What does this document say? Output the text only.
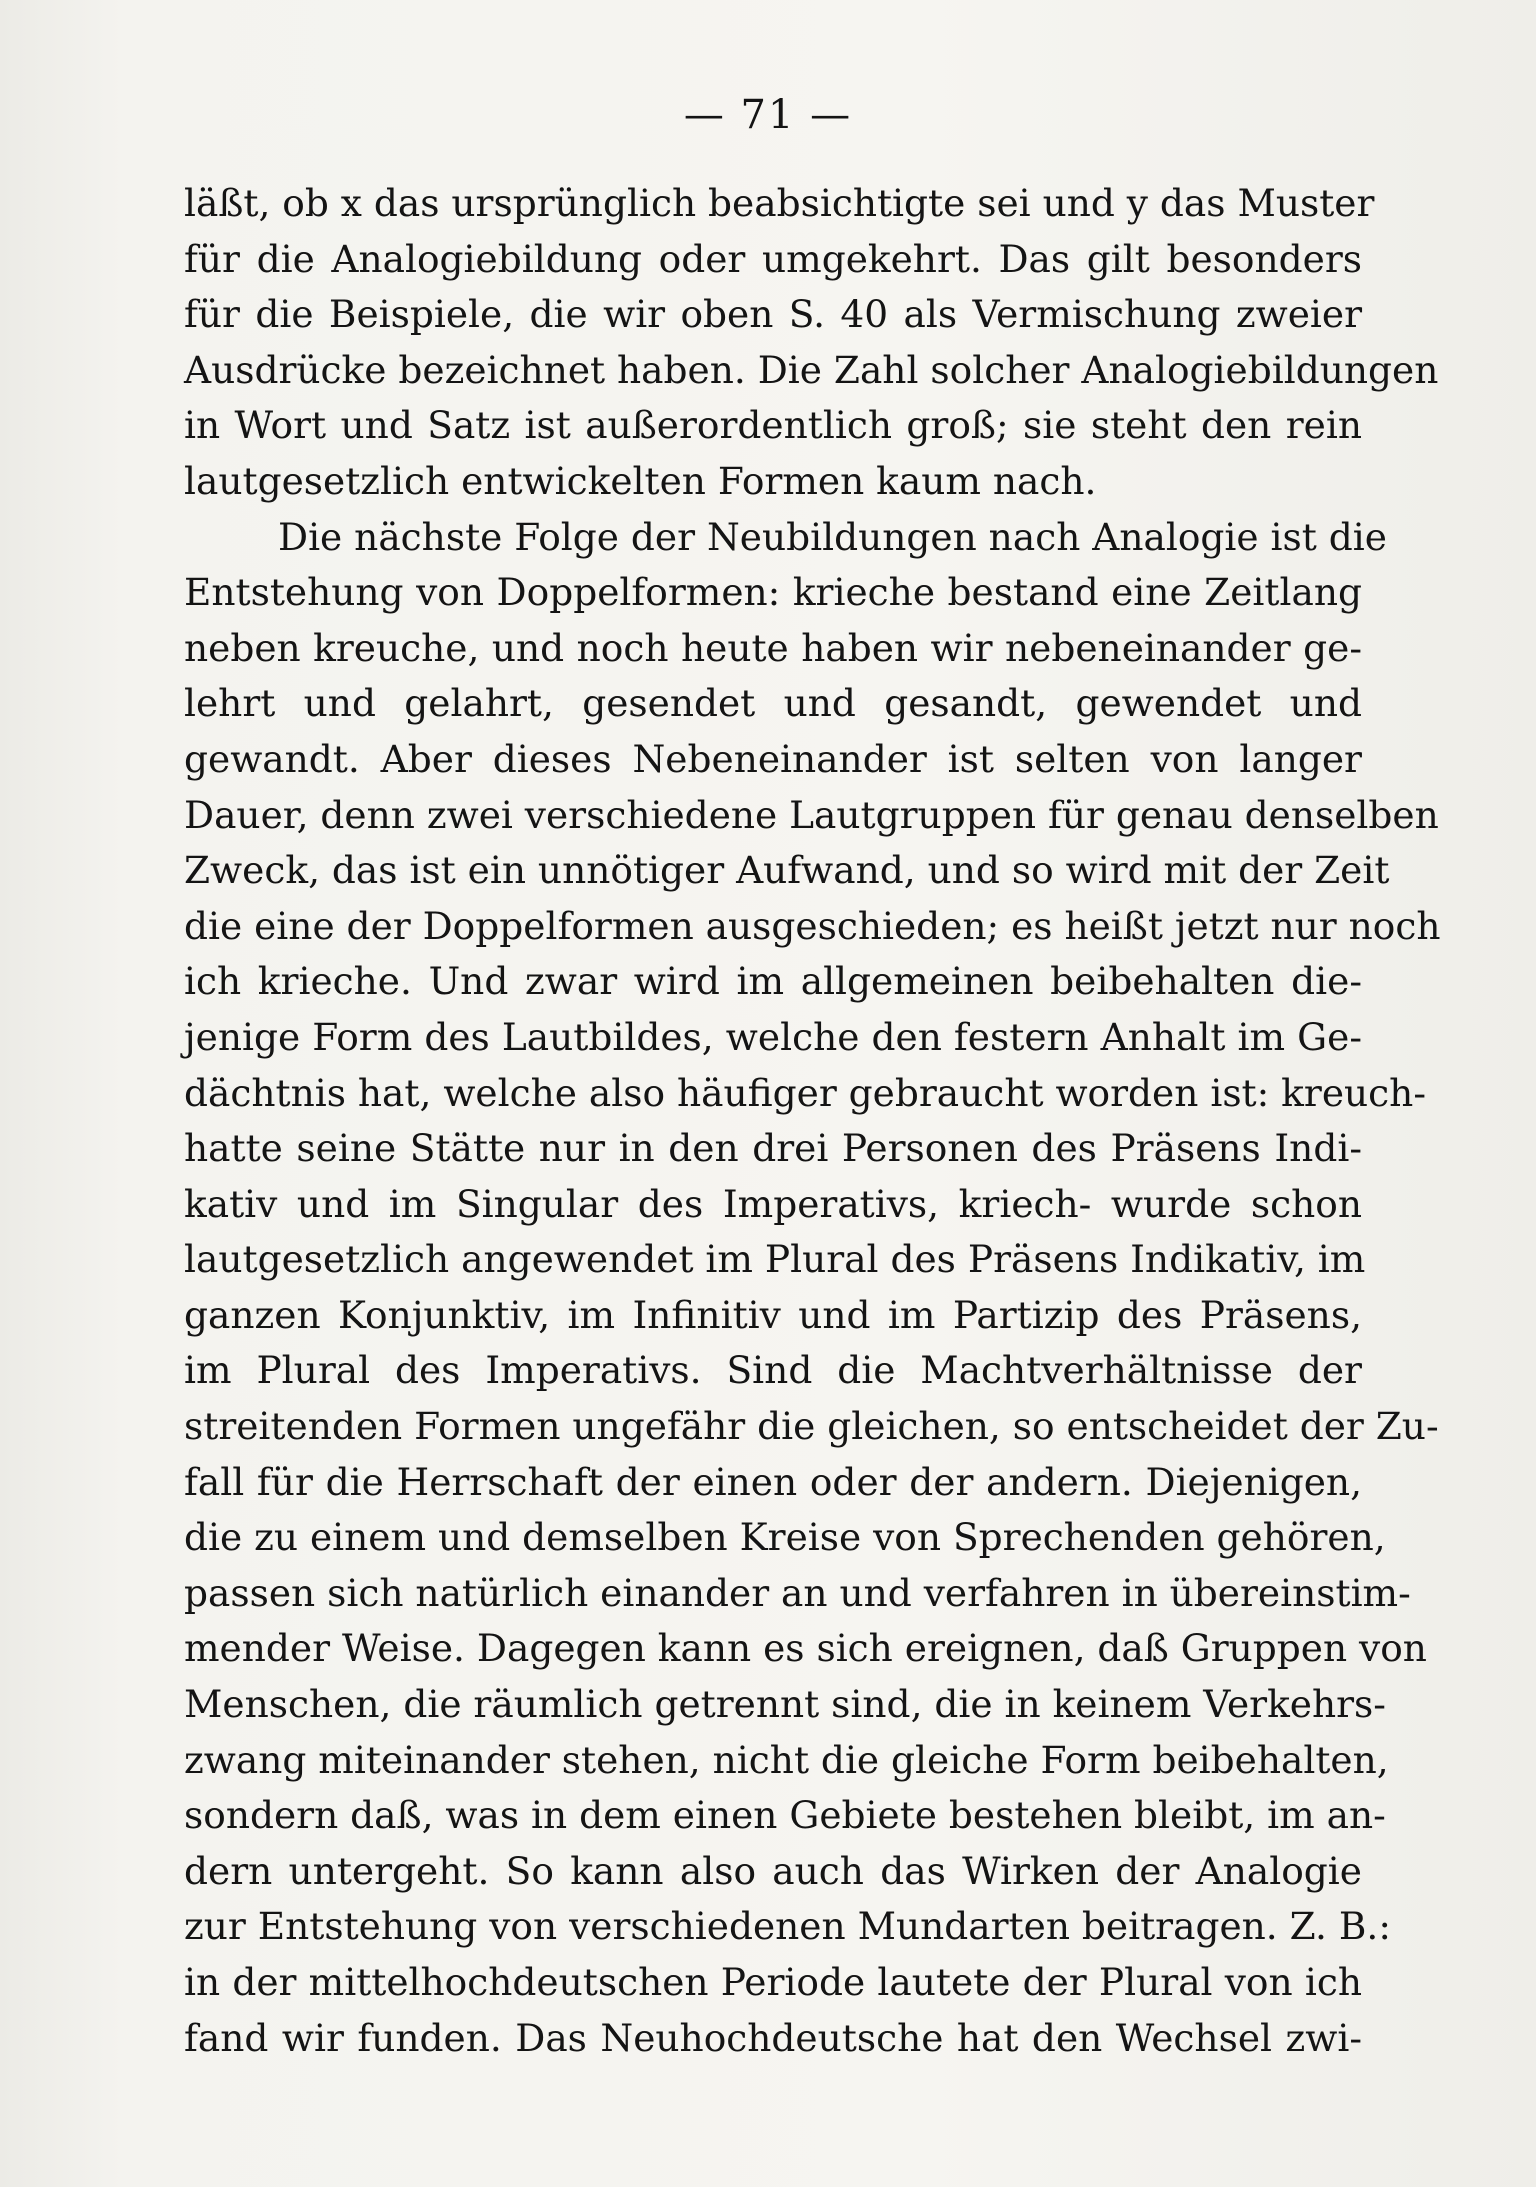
— 71 —
läßt, ob x das ursprünglich beabsichtigte sei und y das Muster
für die Analogiebildung oder umgekehrt. Das gilt besonders
für die Beispiele, die wir oben S. 40 als Vermischung zweier
Ausdrücke bezeichnet haben. Die Zahl solcher Analogiebildungen
in Wort und Satz ist außerordentlich groß; sie steht den rein
lautgesetzlich entwickelten Formen kaum nach.
Die nächste Folge der Neubildungen nach Analogie ist die
Entstehung von Doppelformen: krieche bestand eine Zeitlang
neben kreuche, und noch heute haben wir nebeneinander ge-
lehrt und gelahrt, gesendet und gesandt, gewendet und
gewandt. Aber dieses Nebeneinander ist selten von langer
Dauer, denn zwei verschiedene Lautgruppen für genau denselben
Zweck, das ist ein unnötiger Aufwand, und so wird mit der Zeit
die eine der Doppelformen ausgeschieden; es heißt jetzt nur noch
ich krieche. Und zwar wird im allgemeinen beibehalten die-
jenige Form des Lautbildes, welche den festern Anhalt im Ge-
dächtnis hat, welche also häufiger gebraucht worden ist: kreuch-
hatte seine Stätte nur in den drei Personen des Präsens Indi-
kativ und im Singular des Imperativs, kriech- wurde schon
lautgesetzlich angewendet im Plural des Präsens Indikativ, im
ganzen Konjunktiv, im Infinitiv und im Partizip des Präsens,
im Plural des Imperativs. Sind die Machtverhältnisse der
streitenden Formen ungefähr die gleichen, so entscheidet der Zu-
fall für die Herrschaft der einen oder der andern. Diejenigen,
die zu einem und demselben Kreise von Sprechenden gehören,
passen sich natürlich einander an und verfahren in übereinstim-
mender Weise. Dagegen kann es sich ereignen, daß Gruppen von
Menschen, die räumlich getrennt sind, die in keinem Verkehrs-
zwang miteinander stehen, nicht die gleiche Form beibehalten,
sondern daß, was in dem einen Gebiete bestehen bleibt, im an-
dern untergeht. So kann also auch das Wirken der Analogie
zur Entstehung von verschiedenen Mundarten beitragen. Z. B.:
in der mittelhochdeutschen Periode lautete der Plural von ich
fand wir funden. Das Neuhochdeutsche hat den Wechsel zwi-
